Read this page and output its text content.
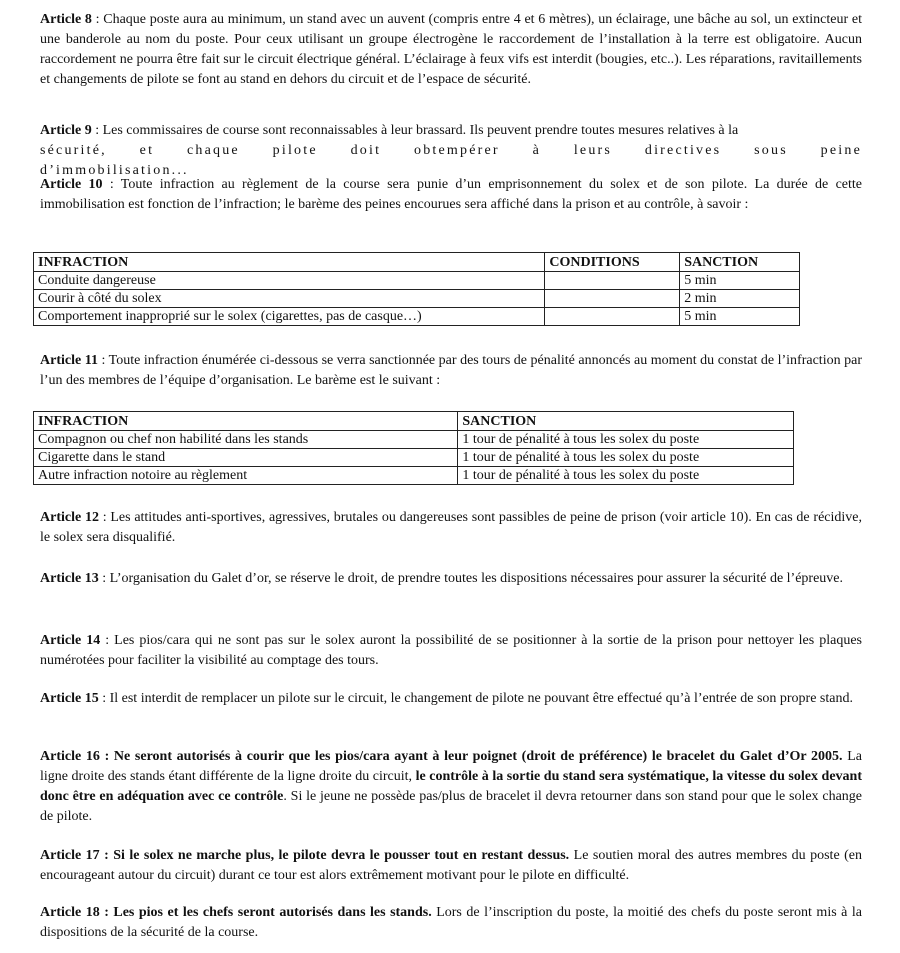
Article 8 : Chaque poste aura au minimum, un stand avec un auvent (compris entre 4 et 6 mètres), un éclairage, une bâche au sol, un extincteur et une banderole au nom du poste. Pour ceux utilisant un groupe électrogène le raccordement de l’installation à la terre est obligatoire. Aucun raccordement ne pourra être fait sur le circuit électrique général. L’éclairage à feux vifs est interdit (bougies, etc..). Les réparations, ravitaillements et changements de pilote se font au stand en dehors du circuit et de l’espace de sécurité.
Article 9 : Les commissaires de course sont reconnaissables à leur brassard. Ils peuvent prendre toutes mesures relatives à la
sécurité, et chaque pilote doit obtempérer à leurs directives sous peine d’immobilisation...
Article 10 : Toute infraction au règlement de la course sera punie d’un emprisonnement du solex et de son pilote. La durée de cette immobilisation est fonction de l’infraction; le barème des peines encourues sera affiché dans la prison et au contrôle, à savoir :
INFRACTION	CONDITIONS	SANCTION
Conduite dangereuse		5 min
Courir à côté du solex		2 min
Comportement inapproprié sur le solex (cigarettes, pas de casque…)		5 min
Article 11 : Toute infraction énumérée ci-dessous se verra sanctionnée par des tours de pénalité annoncés au moment du constat de l’infraction par l’un des membres de l’équipe d’organisation. Le barème est le suivant :
INFRACTION	SANCTION
Compagnon ou chef non habilité dans les stands	1 tour de pénalité à tous les solex du poste
Cigarette dans le stand	1 tour de pénalité à tous les solex du poste
Autre infraction notoire au règlement	1 tour de pénalité à tous les solex du poste
Article 12 : Les attitudes anti-sportives, agressives, brutales ou dangereuses sont passibles de peine de prison (voir article 10). En cas de récidive, le solex sera disqualifié.
Article 13 : L’organisation du Galet d’or, se réserve le droit, de prendre toutes les dispositions nécessaires pour assurer la sécurité de l’épreuve.
Article 14 : Les pios/cara qui ne sont pas sur le solex auront la possibilité de se positionner à la sortie de la prison pour nettoyer les plaques numérotées pour faciliter la visibilité au comptage des tours.
Article 15 : Il est interdit de remplacer un pilote sur le circuit, le changement de pilote ne pouvant être effectué qu’à l’entrée de son propre stand.
Article 16 : Ne seront autorisés à courir que les pios/cara ayant à leur poignet (droit de préférence) le bracelet du Galet d’Or 2005. La ligne droite des stands étant différente de la ligne droite du circuit, le contrôle à la sortie du stand sera systématique, la vitesse du solex devant donc être en adéquation avec ce contrôle. Si le jeune ne possède pas/plus de bracelet il devra retourner dans son stand pour que le solex change de pilote.
Article 17 : Si le solex ne marche plus, le pilote devra le pousser tout en restant dessus. Le soutien moral des autres membres du poste (en encourageant autour du circuit) durant ce tour est alors extrêmement motivant pour le pilote en difficulté.
Article 18 : Les pios et les chefs seront autorisés dans les stands. Lors de l’inscription du poste, la moitié des chefs du poste seront mis à la dispositions de la sécurité de la course.
